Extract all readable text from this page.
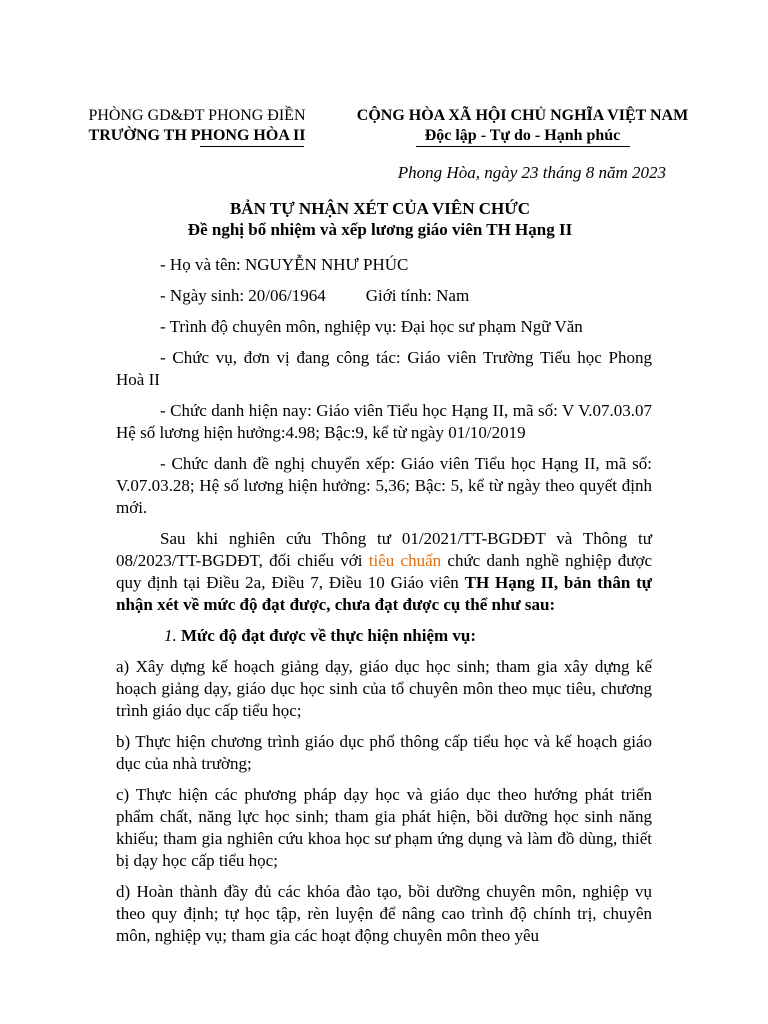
PHÒNG GD&ĐT PHONG ĐIỀN
TRƯỜNG TH PHONG HÒA II
CỘNG HÒA XÃ HỘI CHỦ NGHĨA VIỆT NAM
Độc lập - Tự do - Hạnh phúc
Phong Hòa, ngày 23 tháng 8 năm 2023
BẢN TỰ NHẬN XÉT CỦA VIÊN CHỨC
Đề nghị bổ nhiệm và xếp lương giáo viên TH Hạng II

- Họ và tên: NGUYỄN NHƯ PHÚC

- Ngày sinh: 20/06/1964 Giới tính: Nam

- Trình độ chuyên môn, nghiệp vụ: Đại học sư phạm Ngữ Văn

- Chức vụ, đơn vị đang công tác: Giáo viên Trường Tiểu học Phong Hoà II

- Chức danh hiện nay: Giáo viên Tiểu học Hạng II, mã số: V V.07.03.07 Hệ số lương hiện hưởng:4.98; Bậc:9, kể từ ngày 01/10/2019

- Chức danh đề nghị chuyển xếp: Giáo viên Tiểu học Hạng II, mã số: V.07.03.28; Hệ số lương hiện hưởng: 5,36; Bậc: 5, kể từ ngày theo quyết định mới.

Sau khi nghiên cứu Thông tư 01/2021/TT-BGDĐT và Thông tư 08/2023/TT-BGDĐT, đối chiếu với tiêu chuẩn chức danh nghề nghiệp được quy định tại Điều 2a, Điều 7, Điều 10 Giáo viên TH Hạng II, bản thân tự nhận xét về mức độ đạt được, chưa đạt được cụ thể như sau:

1. Mức độ đạt được về thực hiện nhiệm vụ:

a) Xây dựng kế hoạch giảng dạy, giáo dục học sinh; tham gia xây dựng kế hoạch giảng dạy, giáo dục học sinh của tổ chuyên môn theo mục tiêu, chương trình giáo dục cấp tiểu học;

b) Thực hiện chương trình giáo dục phổ thông cấp tiểu học và kế hoạch giáo dục của nhà trường;

c) Thực hiện các phương pháp dạy học và giáo dục theo hướng phát triển phẩm chất, năng lực học sinh; tham gia phát hiện, bồi dưỡng học sinh năng khiếu; tham gia nghiên cứu khoa học sư phạm ứng dụng và làm đồ dùng, thiết bị dạy học cấp tiểu học;

d) Hoàn thành đầy đủ các khóa đào tạo, bồi dưỡng chuyên môn, nghiệp vụ theo quy định; tự học tập, rèn luyện để nâng cao trình độ chính trị, chuyên môn, nghiệp vụ; tham gia các hoạt động chuyên môn theo yêu
